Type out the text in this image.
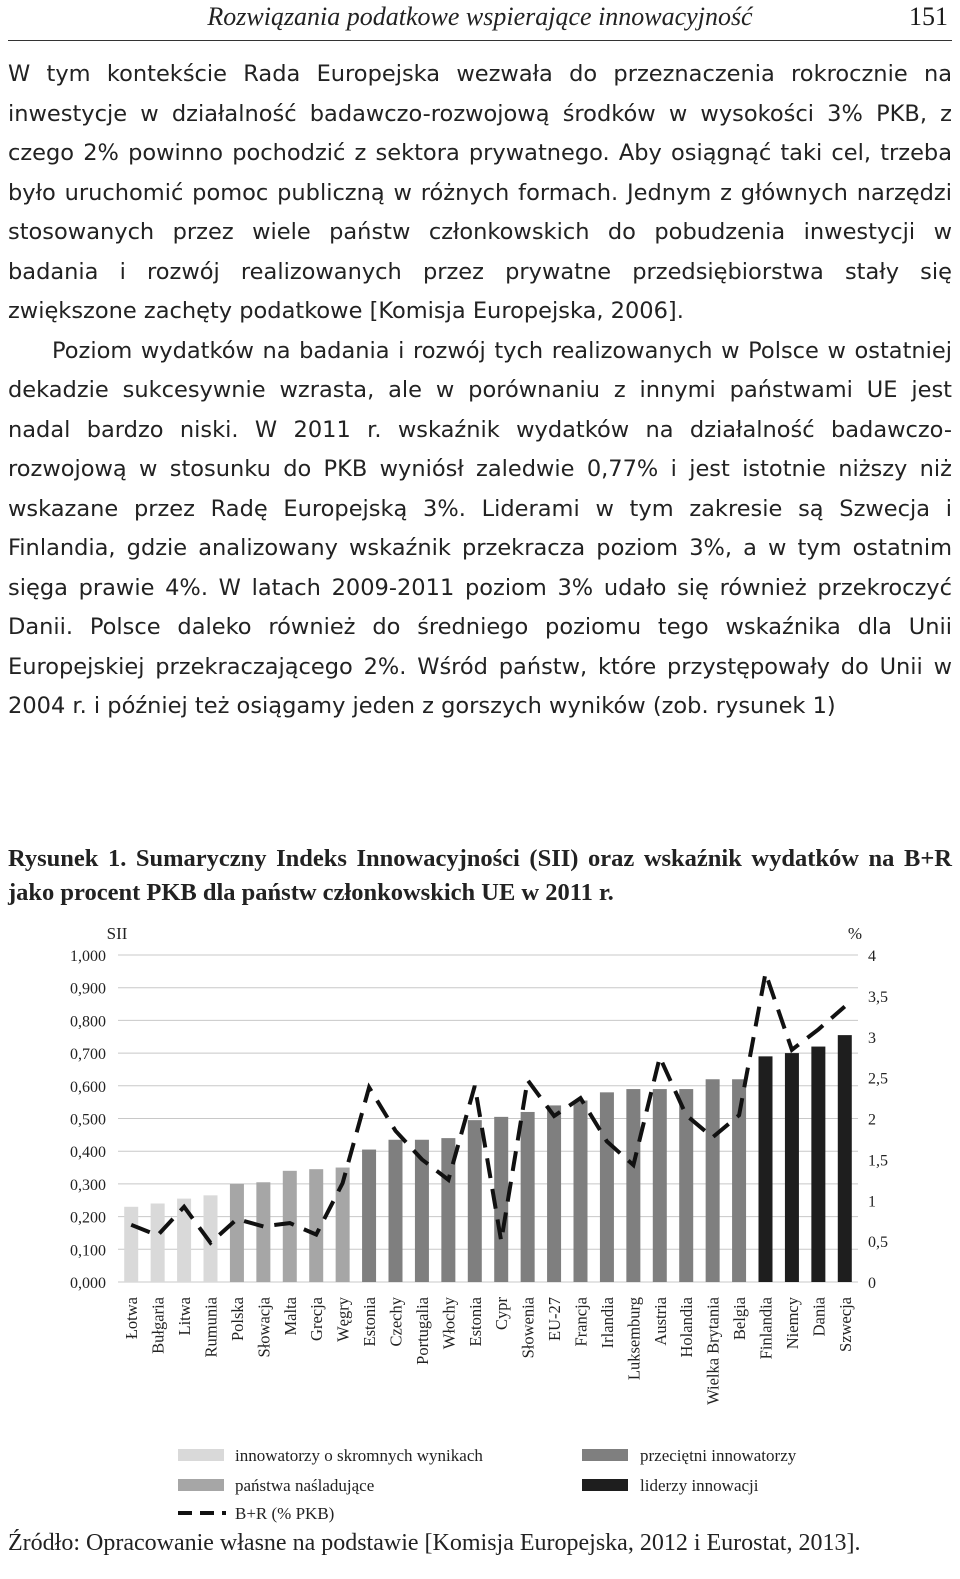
Rozwiązania podatkowe wspierające innowacyjność	151

W tym kontekście Rada Europejska wezwała do przeznaczenia rokrocznie na inwestycje w działalność badawczo-rozwojową środków w wysokości 3% PKB, z czego 2% powinno pochodzić z sektora prywatnego. Aby osiągnąć taki cel, trzeba było uruchomić pomoc publiczną w różnych formach. Jednym z głównych narzędzi stosowanych przez wiele państw członkowskich do pobudzenia inwestycji w badania i rozwój realizowanych przez prywatne przedsiębiorstwa stały się zwiększone zachęty podatkowe [Komisja Europejska, 2006].

Poziom wydatków na badania i rozwój tych realizowanych w Polsce w ostatniej dekadzie sukcesywnie wzrasta, ale w porównaniu z innymi państwami UE jest nadal bardzo niski. W 2011 r. wskaźnik wydatków na działalność badawczo-rozwojową w stosunku do PKB wyniósł zaledwie 0,77% i jest istotnie niższy niż wskazane przez Radę Europejską 3%. Liderami w tym zakresie są Szwecja i Finlandia, gdzie analizowany wskaźnik przekracza poziom 3%, a w tym ostatnim sięga prawie 4%. W latach 2009-2011 poziom 3% udało się również przekroczyć Danii. Polsce daleko również do średniego poziomu tego wskaźnika dla Unii Europejskiej przekraczającego 2%. Wśród państw, które przystępowały do Unii w 2004 r. i później też osiągamy jeden z gorszych wyników (zob. rysunek 1)

Rysunek 1. Sumaryczny Indeks Innowacyjności (SII) oraz wskaźnik wydatków na B+R jako procent PKB dla państw członkowskich UE w 2011 r.
SII	%
1,000
0,900
0,800
0,700
0,600
0,500
0,400
0,300
0,200
0,100
0,000
4
3,5
3
2,5
2
1,5
1
0,5
0
Łotwa Bułgaria Litwa Rumunia Polska Słowacja Malta Grecja Węgry Estonia Czechy Portugalia Włochy Estonia Cypr Słowenia EU-27 Francja Irlandia Luksemburg Austria Holandia Wielka Brytania Belgia Finlandia Niemcy Dania Szwecja
innowatorzy o skromnych wynikach	przeciętni innowatorzy
państwa naśladujące	liderzy innowacji
B+R (% PKB)
Źródło: Opracowanie własne na podstawie [Komisja Europejska, 2012 i Eurostat, 2013].
